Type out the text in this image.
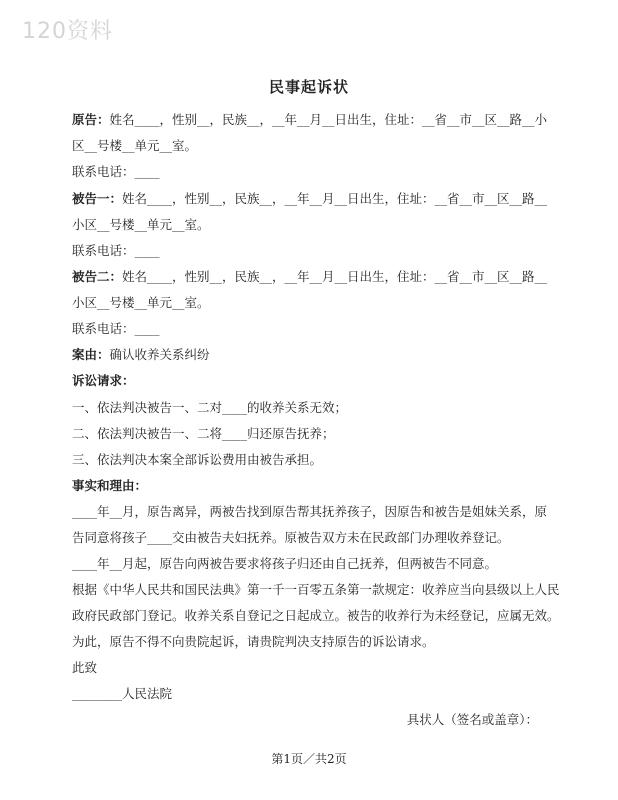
120资料
民事起诉状
原告：姓名____，性别__，民族__，__年__月__日出生，住址：__省__市__区__路__小
区__号楼__单元__室。
联系电话：____
被告一：姓名____，性别__，民族__，__年__月__日出生，住址：__省__市__区__路__
小区__号楼__单元__室。
联系电话：____
被告二：姓名____，性别__，民族__，__年__月__日出生，住址：__省__市__区__路__
小区__号楼__单元__室。
联系电话：____
案由：确认收养关系纠纷
诉讼请求：
一、依法判决被告一、二对____的收养关系无效；
二、依法判决被告一、二将____归还原告抚养；
三、依法判决本案全部诉讼费用由被告承担。
事实和理由：
____年__月，原告离异，两被告找到原告帮其抚养孩子，因原告和被告是姐妹关系，原
告同意将孩子____交由被告夫妇抚养。原被告双方未在民政部门办理收养登记。
____年__月起，原告向两被告要求将孩子归还由自己抚养，但两被告不同意。
根据《中华人民共和国民法典》第一千一百零五条第一款规定：收养应当向县级以上人民
政府民政部门登记。收养关系自登记之日起成立。被告的收养行为未经登记，应属无效。
为此，原告不得不向贵院起诉，请贵院判决支持原告的诉讼请求。
此致
________人民法院
具状人（签名或盖章）：
第1页／共2页
